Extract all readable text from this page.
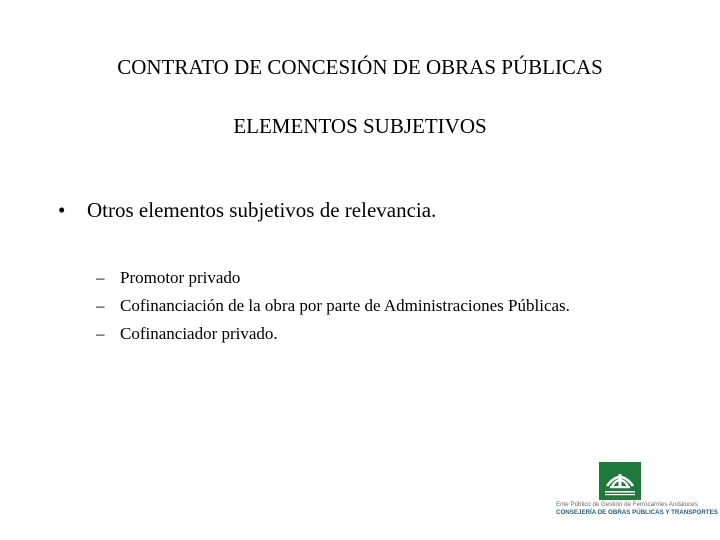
CONTRATO DE CONCESIÓN DE OBRAS PÚBLICAS
ELEMENTOS SUBJETIVOS
• Otros elementos subjetivos de relevancia.
– Promotor privado
– Cofinanciación de la obra por parte de Administraciones Públicas.
– Cofinanciador privado.
Ente Público de Gestión de Ferrocarriles Andaluces
CONSEJERÍA DE OBRAS PÚBLICAS Y TRANSPORTES
